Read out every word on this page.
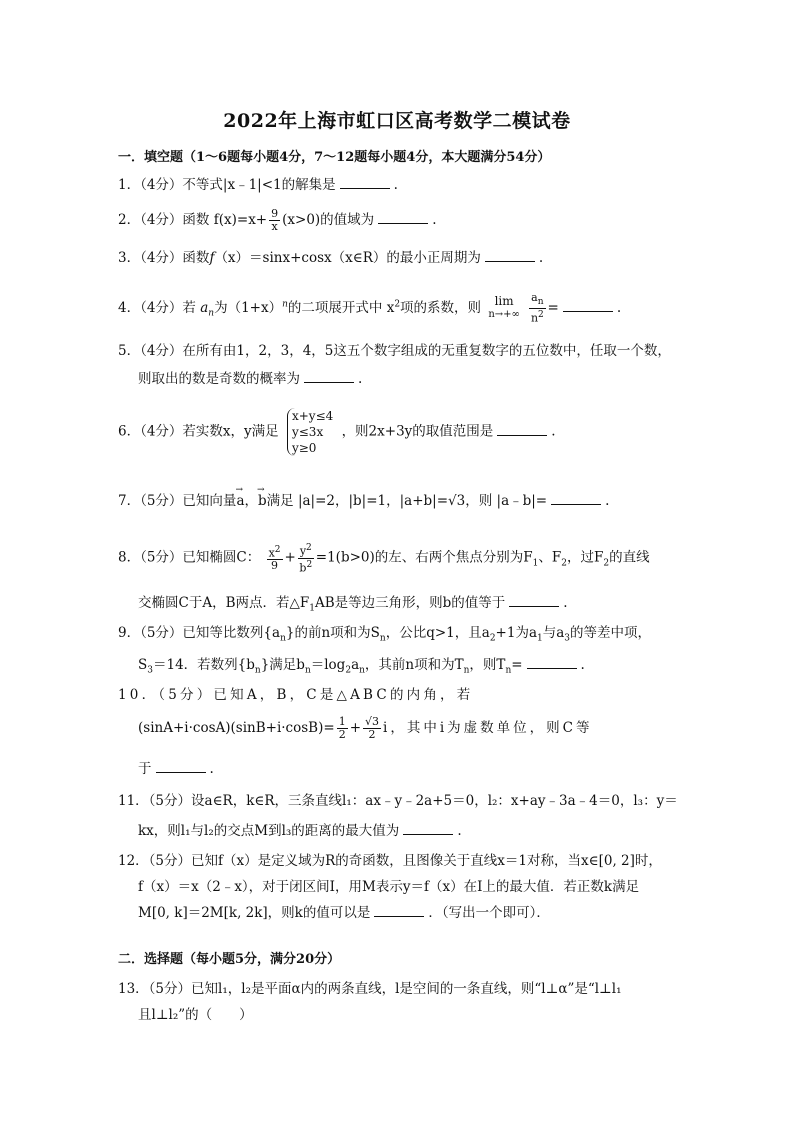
2022年上海市虹口区高考数学二模试卷
一．填空题（1～6题每小题4分，7～12题每小题4分，本大题满分54分）
1．（4分）不等式|x﹣1|<1的解集是	.
2．（4分）函数 $f(x)=x+ \frac{9}{x} (x>0)$的值域为	.
3．（4分）函数f（x）＝sinx+cosx（x∈R）的最小正周期为	.
4．（4分）若 $a_n$为$(1+x)^n$的二项展开式中 $x^2$项的系数，则 lim
n→+∞
$\frac{a_n}{n^2}$ =	.
5．（4分）在所有由1，2，3，4，5这五个数字组成的无重复数字的五位数中，任取一个数，
则取出的数是奇数的概率为	.
6．（4分）若实数x，y满足
x+y≤4
y≤3x
y≥0
，则2x+3y的取值范围是	.
7．（5分）已知向量→ a，→ b满足 |a|=2，|b|=1，|a+b|=√3，则 |a﹣b|=	.
8．（5分）已知椭圆C： $\frac{x^2}{9} + \frac{y^2}{b^2} =1(b>0)$的左、右两个焦点分别为$F_1$、$F_2$，过$F_2$的直线
交椭圆C于A，B两点．若$\triangle F_1AB$是等边三角形，则b的值等于	.
9．（5分）已知等比数列$\{a_n\}$的前n项和为$S_n$，公比q>1，且$a_2+1$为$a_1$与$a_3$的等差中项，
$S_3=14$．若数列$\{b_n\}$满足$b_n=\log_2a_n$，其前n项和为$T_n$，则$T_n=$	.
10．（5分）已知A，B，C是△ABC的内角，若
$(\sin A+i\cdot\cos A)(\sin B+i\cdot\cos B)= \frac{1}{2} + \frac{√3}{2}$ i，其中i为虚数单位，则C等
于	.
11．（5分）设a∈R，k∈R，三条直线l₁：ax﹣y﹣2a+5＝0，l₂：x+ay﹣3a﹣4＝0，l₃：y＝
kx，则l₁与l₂的交点M到l₃的距离的最大值为	.
12．（5分）已知f（x）是定义域为R的奇函数，且图像关于直线x＝1对称，当x∈[0, 2]时，
f（x）＝x（2﹣x），对于闭区间I，用M表示y＝f（x）在I上的最大值．若正数k满足
M[0, k]＝2M[k, 2k]，则k的值可以是	．（写出一个即可）．
二．选择题（每小题5分，满分20分）
13．（5分）已知l₁，l₂是平面α内的两条直线，l是空间的一条直线，则“l⊥α”是“l⊥l₁
且l⊥l₂”的（　　）
